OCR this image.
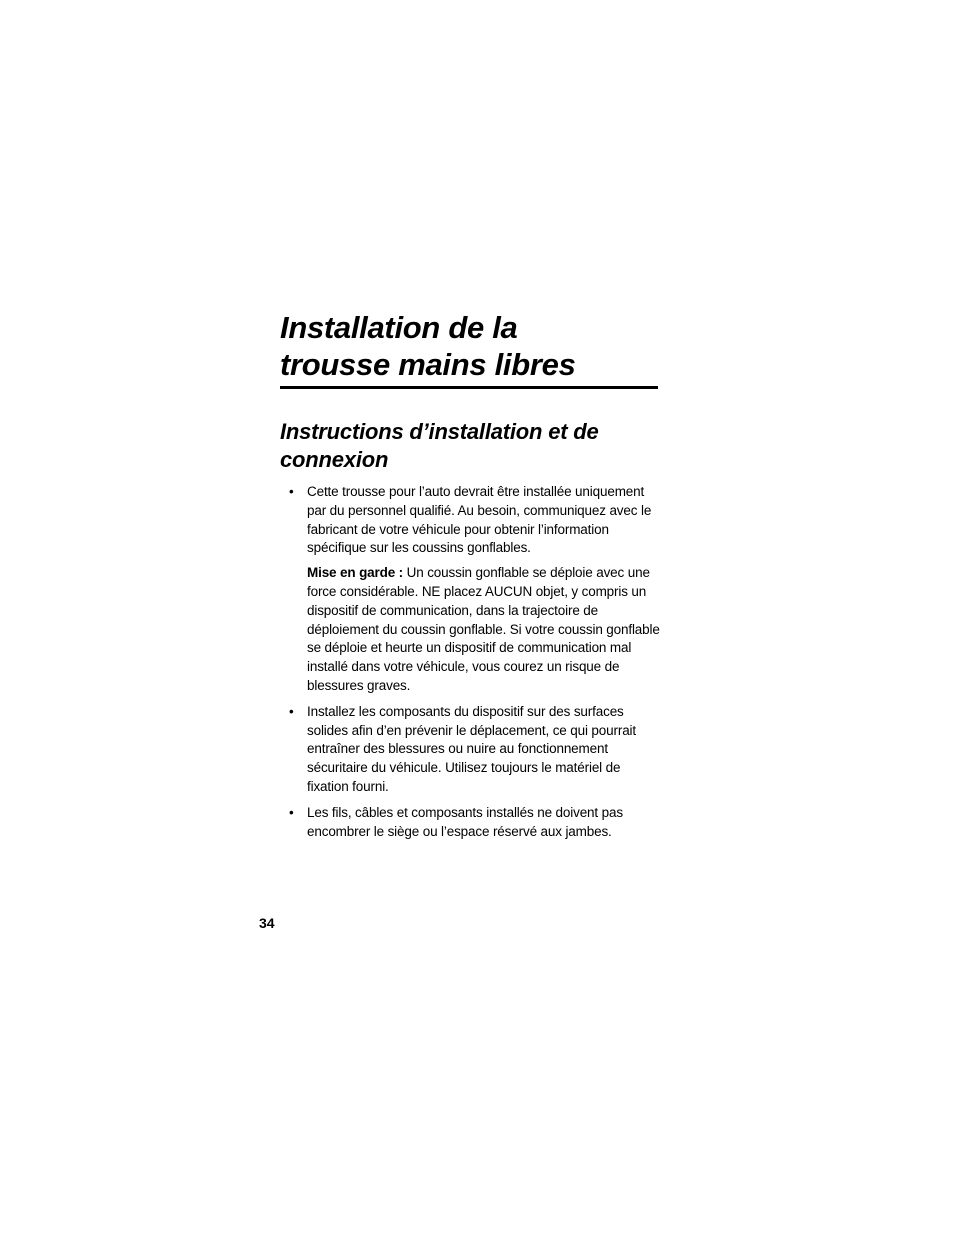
Installation de la
trousse mains libres
Instructions d’installation et de
connexion
• Cette trousse pour l’auto devrait être installée uniquement par du personnel qualifié. Au besoin, communiquez avec le fabricant de votre véhicule pour obtenir l’information spécifique sur les coussins gonflables.
Mise en garde : Un coussin gonflable se déploie avec une force considérable. NE placez AUCUN objet, y compris un dispositif de communication, dans la trajectoire de déploiement du coussin gonflable. Si votre coussin gonflable se déploie et heurte un dispositif de communication mal installé dans votre véhicule, vous courez un risque de blessures graves.
• Installez les composants du dispositif sur des surfaces solides afin d’en prévenir le déplacement, ce qui pourrait entraîner des blessures ou nuire au fonctionnement sécuritaire du véhicule. Utilisez toujours le matériel de fixation fourni.
• Les fils, câbles et composants installés ne doivent pas encombrer le siège ou l’espace réservé aux jambes.
34
